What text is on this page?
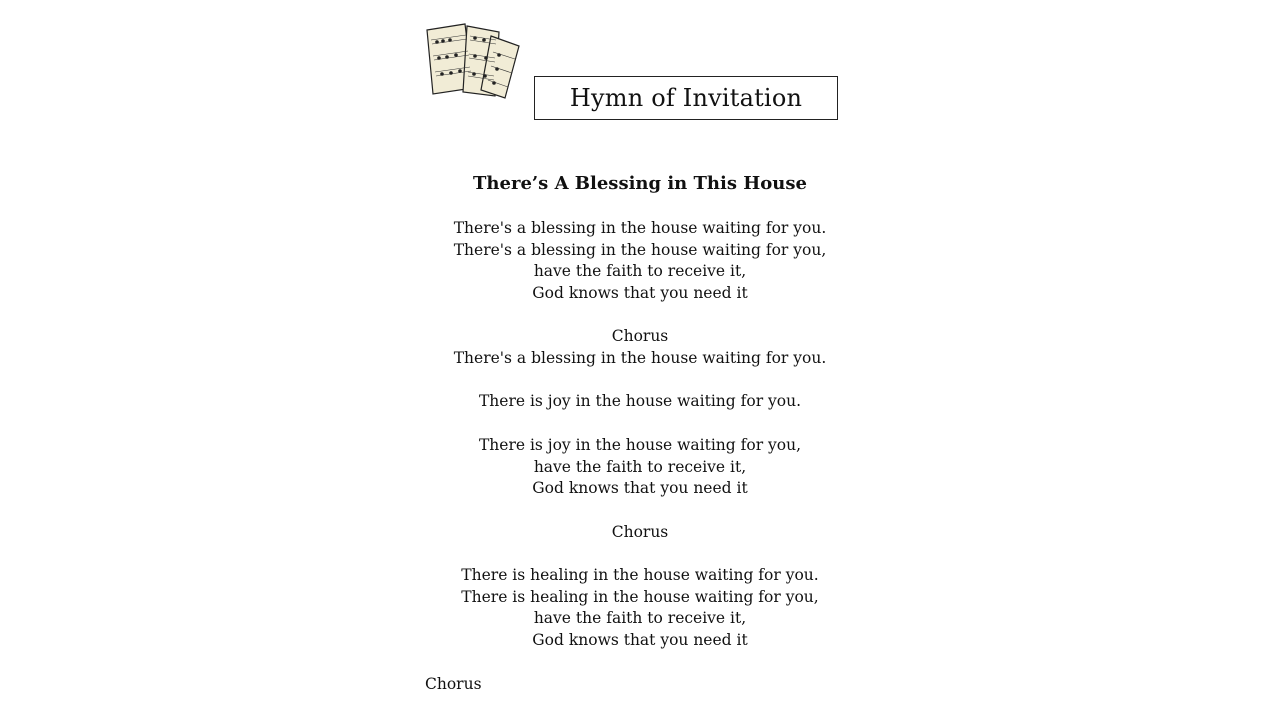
Hymn of Invitation
There’s A Blessing in This House
There's a blessing in the house waiting for you.
There's a blessing in the house waiting for you,
have the faith to receive it,
God knows that you need it
Chorus
There's a blessing in the house waiting for you.
There is joy in the house waiting for you.
There is joy in the house waiting for you,
have the faith to receive it,
God knows that you need it
Chorus
There is healing in the house waiting for you.
There is healing in the house waiting for you,
have the faith to receive it,
God knows that you need it
Chorus
